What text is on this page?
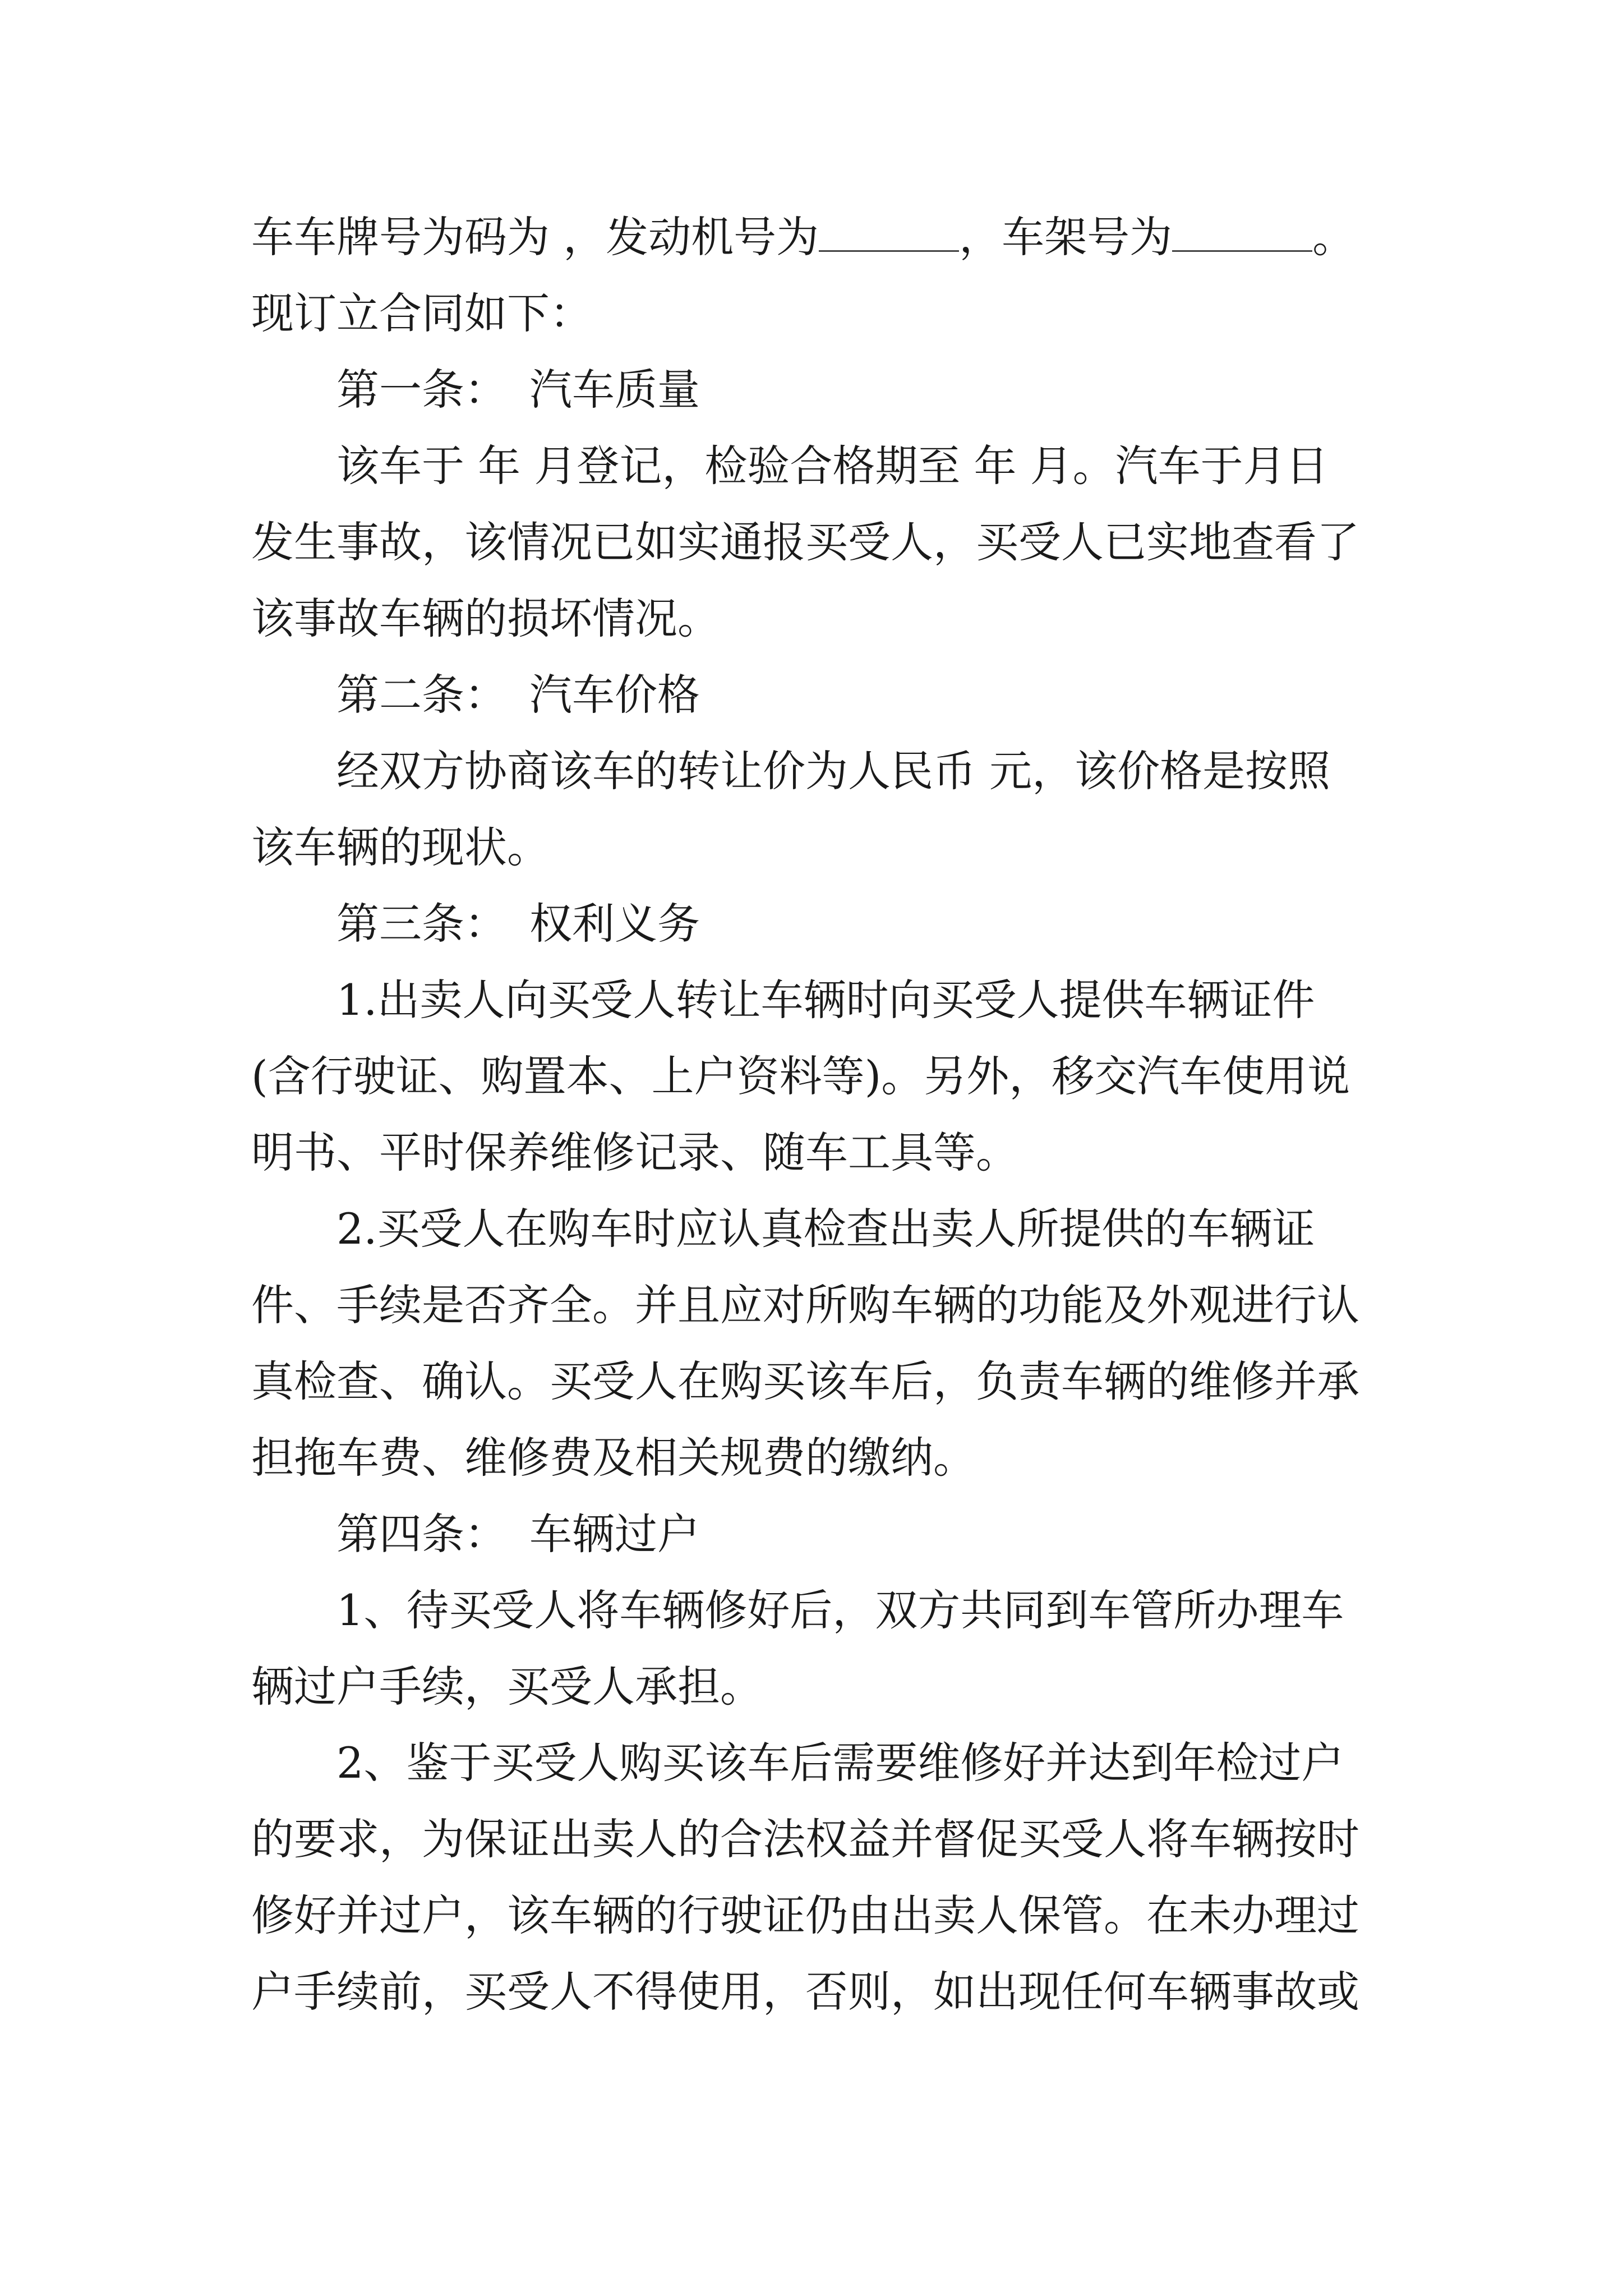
车车牌号为码为 ，发动机号为	，车架号为	。
现订立合同如下：
第一条： 汽车质量
该车于 年 月登记，检验合格期至 年 月。汽车于月日
发生事故，该情况已如实通报买受人，买受人已实地查看了
该事故车辆的损坏情况。
第二条： 汽车价格
经双方协商该车的转让价为人民币 元，该价格是按照
该车辆的现状。
第三条： 权利义务
1.出卖人向买受人转让车辆时向买受人提供车辆证件
(含行驶证、购置本、上户资料等)。另外，移交汽车使用说
明书、平时保养维修记录、随车工具等。
2.买受人在购车时应认真检查出卖人所提供的车辆证
件、手续是否齐全。并且应对所购车辆的功能及外观进行认
真检查、确认。买受人在购买该车后，负责车辆的维修并承
担拖车费、维修费及相关规费的缴纳。
第四条： 车辆过户
1、待买受人将车辆修好后，双方共同到车管所办理车
辆过户手续，买受人承担。
2、鉴于买受人购买该车后需要维修好并达到年检过户
的要求，为保证出卖人的合法权益并督促买受人将车辆按时
修好并过户，该车辆的行驶证仍由出卖人保管。在未办理过
户手续前，买受人不得使用，否则，如出现任何车辆事故或
